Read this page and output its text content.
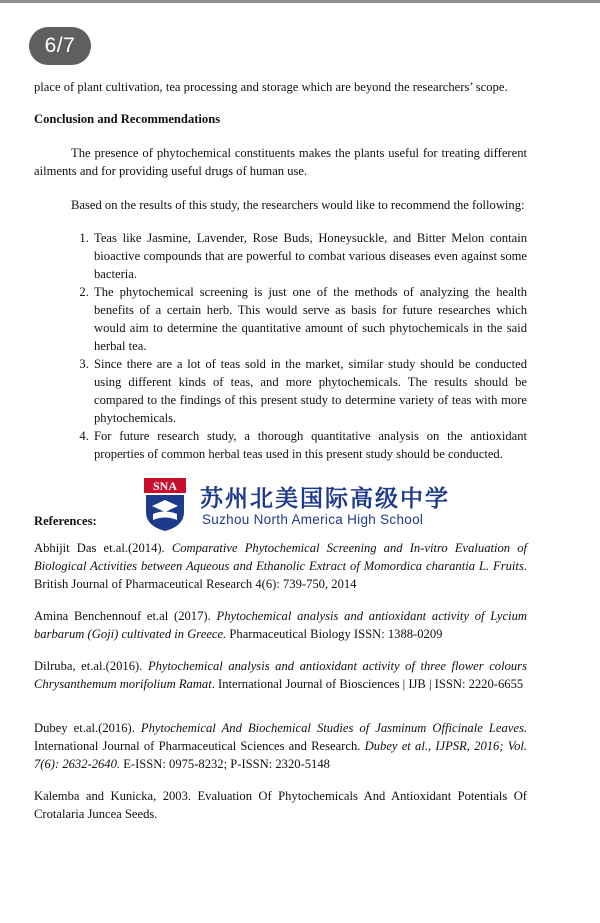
6/7

place of plant cultivation, tea processing and storage which are beyond the researchers’ scope.

Conclusion and Recommendations

The presence of phytochemical constituents makes the plants useful for treating different ailments and for providing useful drugs of human use.

Based on the results of this study, the researchers would like to recommend the following:

1. Teas like Jasmine, Lavender, Rose Buds, Honeysuckle, and Bitter Melon contain bioactive compounds that are powerful to combat various diseases even against some bacteria.
2. The phytochemical screening is just one of the methods of analyzing the health benefits of a certain herb. This would serve as basis for future researches which would aim to determine the quantitative amount of such phytochemicals in the said herbal tea.
3. Since there are a lot of teas sold in the market, similar study should be conducted using different kinds of teas, and more phytochemicals. The results should be compared to the findings of this present study to determine variety of teas with more phytochemicals.
4. For future research study, a thorough quantitative analysis on the antioxidant properties of common herbal teas used in this present study should be conducted.
References:
SNA 苏州北美国际高级中学
Suzhou North America High School

Abhijit Das et.al.(2014). Comparative Phytochemical Screening and In-vitro Evaluation of Biological Activities between Aqueous and Ethanolic Extract of Momordica charantia L. Fruits. British Journal of Pharmaceutical Research 4(6): 739-750, 2014

Amina Benchennouf et.al (2017). Phytochemical analysis and antioxidant activity of Lycium barbarum (Goji) cultivated in Greece. Pharmaceutical Biology ISSN: 1388-0209

Dilruba, et.al.(2016). Phytochemical analysis and antioxidant activity of three flower colours Chrysanthemum morifolium Ramat. International Journal of Biosciences | IJB | ISSN: 2220-6655

Dubey et.al.(2016). Phytochemical And Biochemical Studies of Jasminum Officinale Leaves. International Journal of Pharmaceutical Sciences and Research. Dubey et al., IJPSR, 2016; Vol. 7(6): 2632-2640. E-ISSN: 0975-8232; P-ISSN: 2320-5148

Kalemba and Kunicka, 2003. Evaluation Of Phytochemicals And Antioxidant Potentials Of Crotalaria Juncea Seeds.
